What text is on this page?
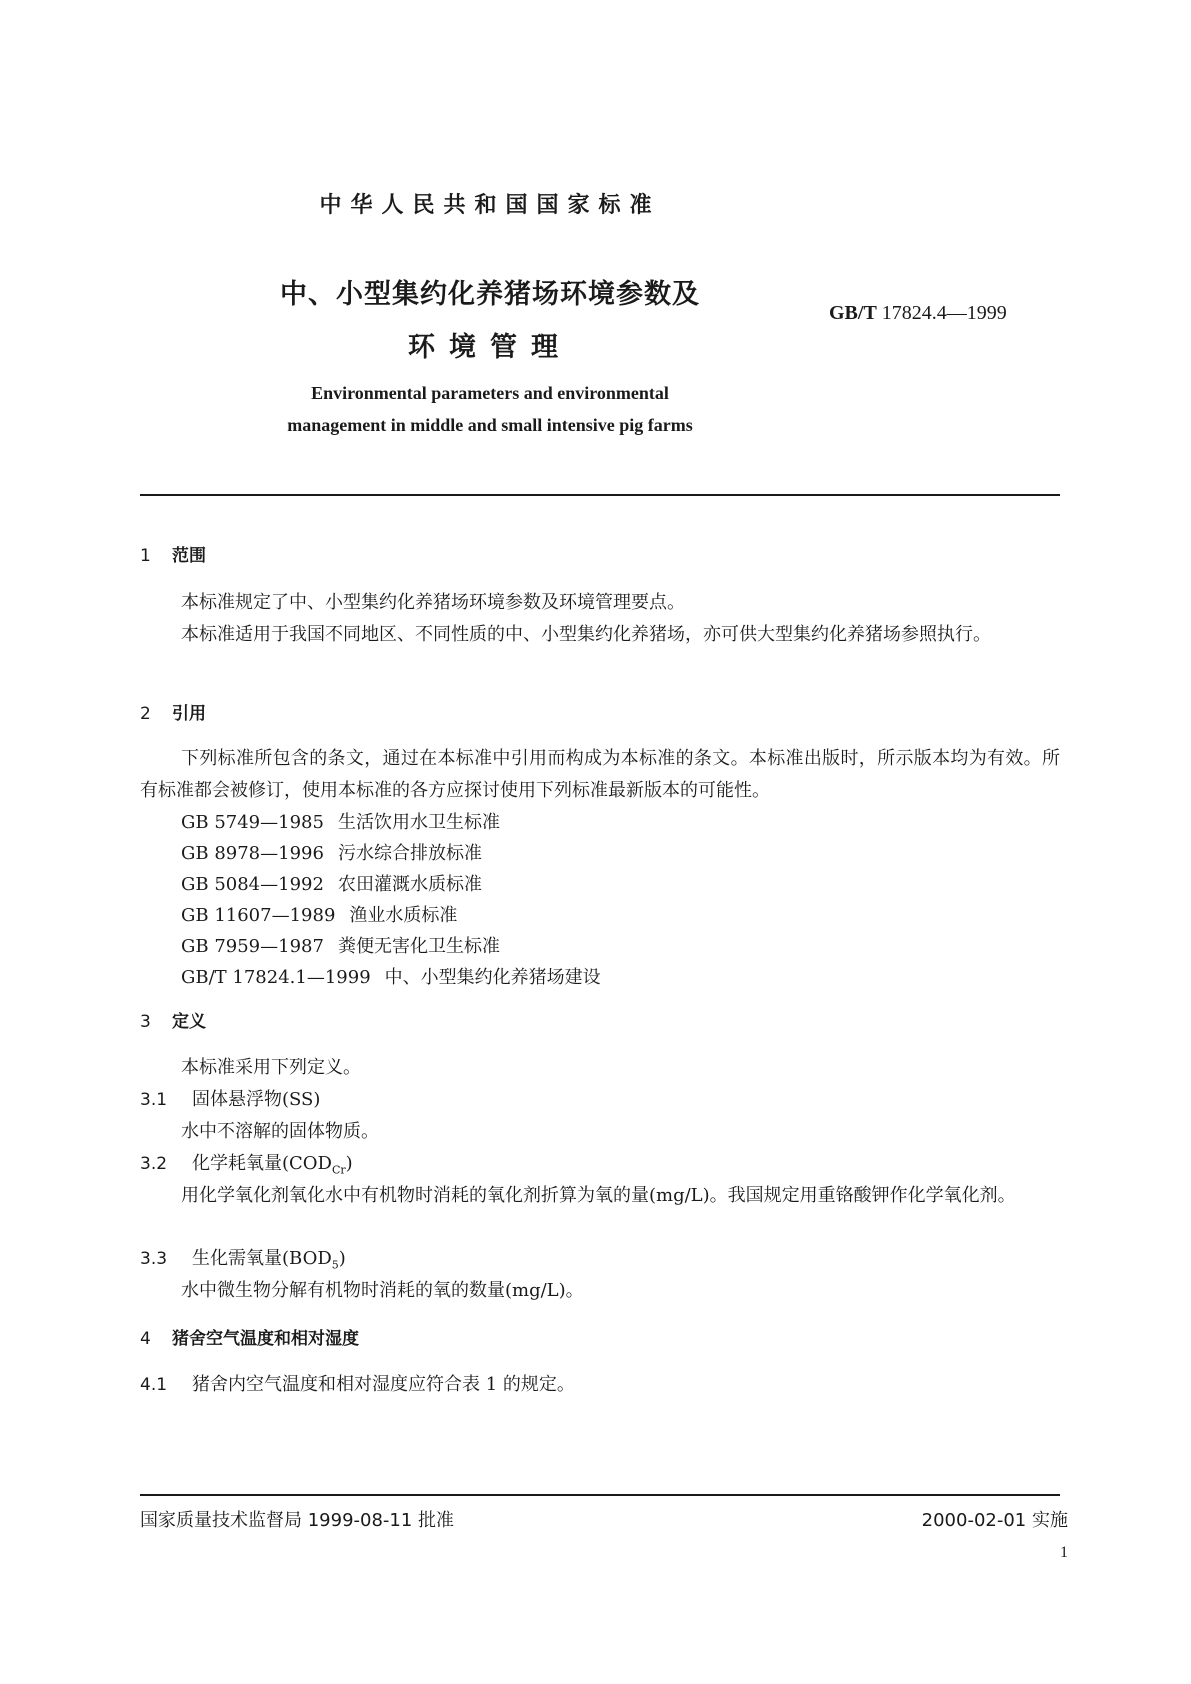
中华人民共和国国家标准
中、小型集约化养猪场环境参数及
环境管理
GB/T 17824.4—1999
Environmental parameters and environmental
management in middle and small intensive pig farms
1 范围
本标准规定了中、小型集约化养猪场环境参数及环境管理要点。
本标准适用于我国不同地区、不同性质的中、小型集约化养猪场，亦可供大型集约化养猪场参照执行。
2 引用
下列标准所包含的条文，通过在本标准中引用而构成为本标准的条文。本标准出版时，所示版本均为有效。所有标准都会被修订，使用本标准的各方应探讨使用下列标准最新版本的可能性。
GB 5749—1985 生活饮用水卫生标准
GB 8978—1996 污水综合排放标准
GB 5084—1992 农田灌溉水质标准
GB 11607—1989 渔业水质标准
GB 7959—1987 粪便无害化卫生标准
GB/T 17824.1—1999 中、小型集约化养猪场建设
3 定义
本标准采用下列定义。
3.1 固体悬浮物(SS)
水中不溶解的固体物质。
3.2 化学耗氧量$(COD_{Cr})$
用化学氧化剂氧化水中有机物时消耗的氧化剂折算为氧的量(mg/L)。我国规定用重铬酸钾作化学氧化剂。
3.3 生化需氧量$(BOD_5)$
水中微生物分解有机物时消耗的氧的数量(mg/L)。
4 猪舍空气温度和相对湿度
4.1 猪舍内空气温度和相对湿度应符合表 1 的规定。
国家质量技术监督局 1999-08-11 批准	2000-02-01 实施
1
